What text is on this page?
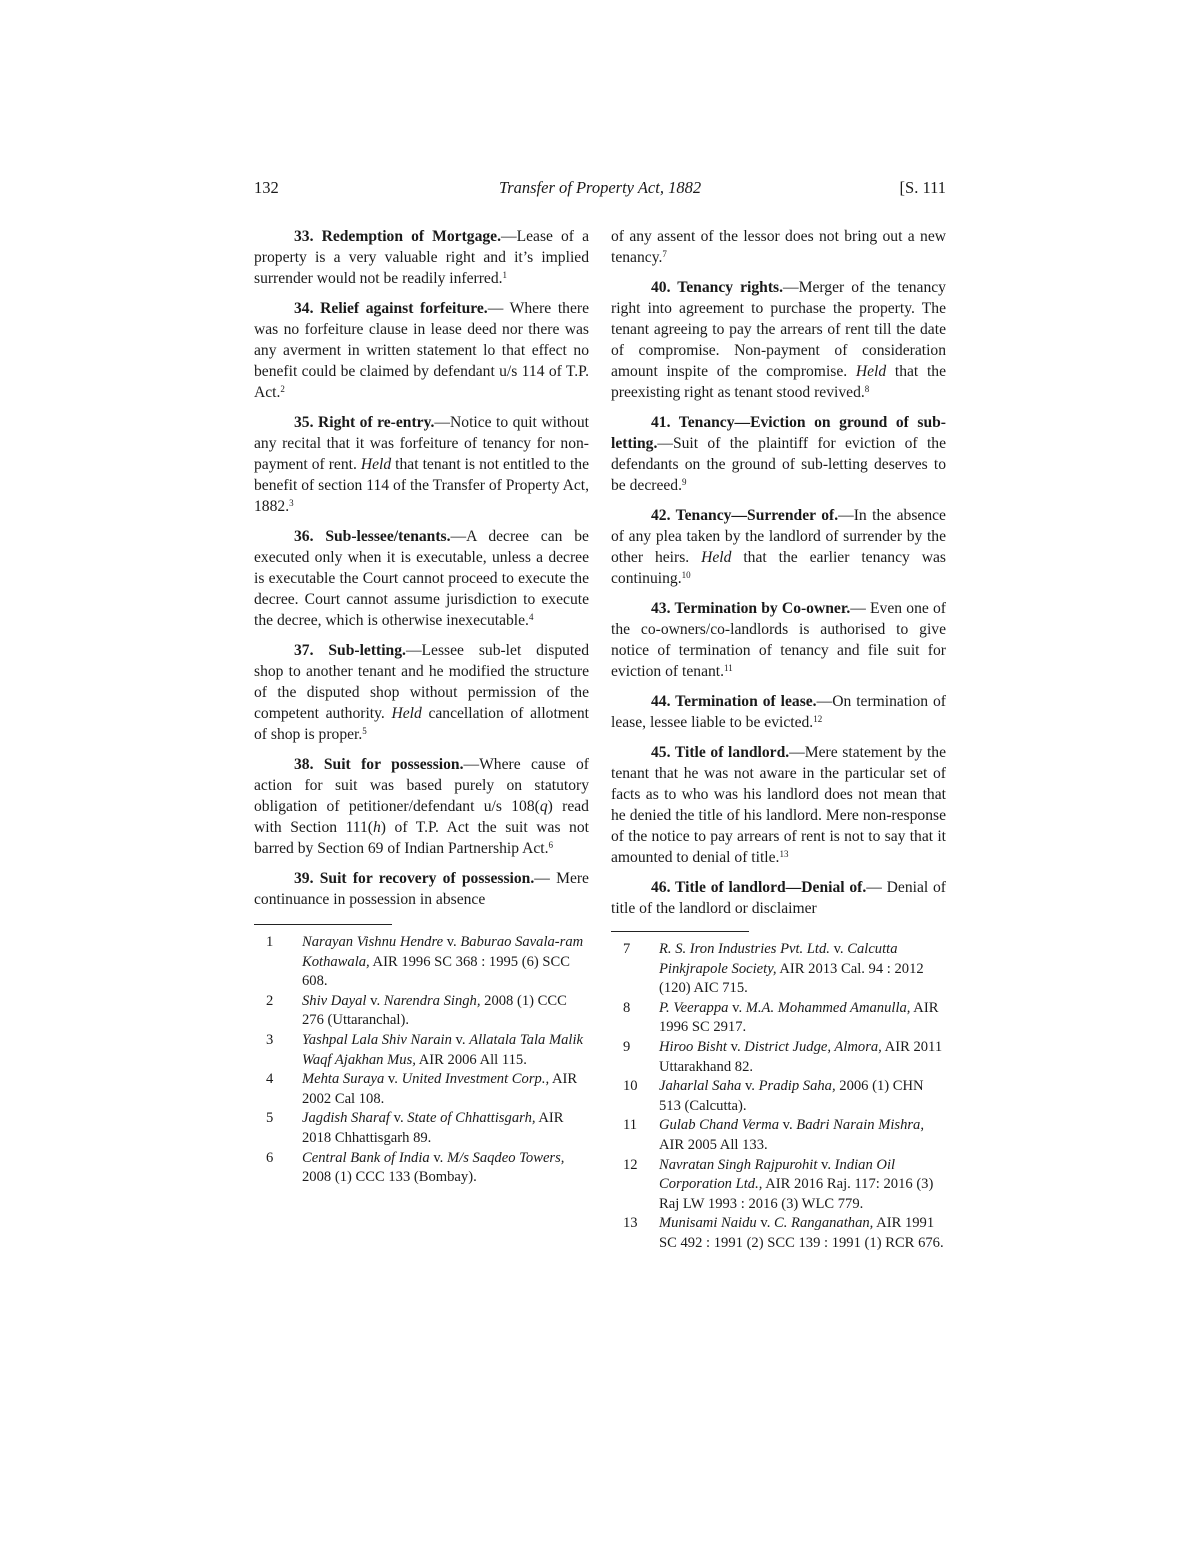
132	Transfer of Property Act, 1882	[S. 111

33. Redemption of Mortgage.—Lease of a property is a very valuable right and it’s implied surrender would not be readily inferred.$^1$

34. Relief against forfeiture.— Where there was no forfeiture clause in lease deed nor there was any averment in written statement lo that effect no benefit could be claimed by defendant u/s 114 of T.P. Act.$^2$

35. Right of re-entry.—Notice to quit without any recital that it was forfeiture of tenancy for non-payment of rent. Held that tenant is not entitled to the benefit of section 114 of the Transfer of Property Act, 1882.$^3$

36. Sub-lessee/tenants.—A decree can be executed only when it is executable, unless a decree is executable the Court cannot proceed to execute the decree. Court cannot assume jurisdiction to execute the decree, which is otherwise inexecutable.$^4$

37. Sub-letting.—Lessee sub-let disputed shop to another tenant and he modified the structure of the disputed shop without permission of the competent authority. Held cancellation of allotment of shop is proper.$^5$

38. Suit for possession.—Where cause of action for suit was based purely on statutory obligation of petitioner/defendant u/s 108(q) read with Section 111(h) of T.P. Act the suit was not barred by Section 69 of Indian Partnership Act.$^6$

39. Suit for recovery of possession.— Mere continuance in possession in absence

1	Narayan Vishnu Hendre v. Baburao Savala-ram Kothawala, AIR 1996 SC 368 : 1995 (6) SCC 608.
2	Shiv Dayal v. Narendra Singh, 2008 (1) CCC 276 (Uttaranchal).
3	Yashpal Lala Shiv Narain v. Allatala Tala Malik Waqf Ajakhan Mus, AIR 2006 All 115.
4	Mehta Suraya v. United Investment Corp., AIR 2002 Cal 108.
5	Jagdish Sharaf v. State of Chhattisgarh, AIR 2018 Chhattisgarh 89.
6	Central Bank of India v. M/s Saqdeo Towers, 2008 (1) CCC 133 (Bombay).

of any assent of the lessor does not bring out a new tenancy.$^7$

40. Tenancy rights.—Merger of the tenancy right into agreement to purchase the property. The tenant agreeing to pay the arrears of rent till the date of compromise. Non-payment of consideration amount inspite of the compromise. Held that the preexisting right as tenant stood revived.$^8$

41. Tenancy—Eviction on ground of sub-letting.—Suit of the plaintiff for eviction of the defendants on the ground of sub-letting deserves to be decreed.$^9$

42. Tenancy—Surrender of.—In the absence of any plea taken by the landlord of surrender by the other heirs. Held that the earlier tenancy was continuing.$^{10}$

43. Termination by Co-owner.— Even one of the co-owners/co-landlords is authorised to give notice of termination of tenancy and file suit for eviction of tenant.$^{11}$

44. Termination of lease.—On termination of lease, lessee liable to be evicted.$^{12}$

45. Title of landlord.—Mere statement by the tenant that he was not aware in the particular set of facts as to who was his landlord does not mean that he denied the title of his landlord. Mere non-response of the notice to pay arrears of rent is not to say that it amounted to denial of title.$^{13}$

46. Title of landlord—Denial of.— Denial of title of the landlord or disclaimer

7	R. S. Iron Industries Pvt. Ltd. v. Calcutta Pinkjrapole Society, AIR 2013 Cal. 94 : 2012 (120) AIC 715.
8	P. Veerappa v. M.A. Mohammed Amanulla, AIR 1996 SC 2917.
9	Hiroo Bisht v. District Judge, Almora, AIR 2011 Uttarakhand 82.
10	Jaharlal Saha v. Pradip Saha, 2006 (1) CHN 513 (Calcutta).
11	Gulab Chand Verma v. Badri Narain Mishra, AIR 2005 All 133.
12	Navratan Singh Rajpurohit v. Indian Oil Corporation Ltd., AIR 2016 Raj. 117: 2016 (3) Raj LW 1993 : 2016 (3) WLC 779.
13	Munisami Naidu v. C. Ranganathan, AIR 1991 SC 492 : 1991 (2) SCC 139 : 1991 (1) RCR 676.
